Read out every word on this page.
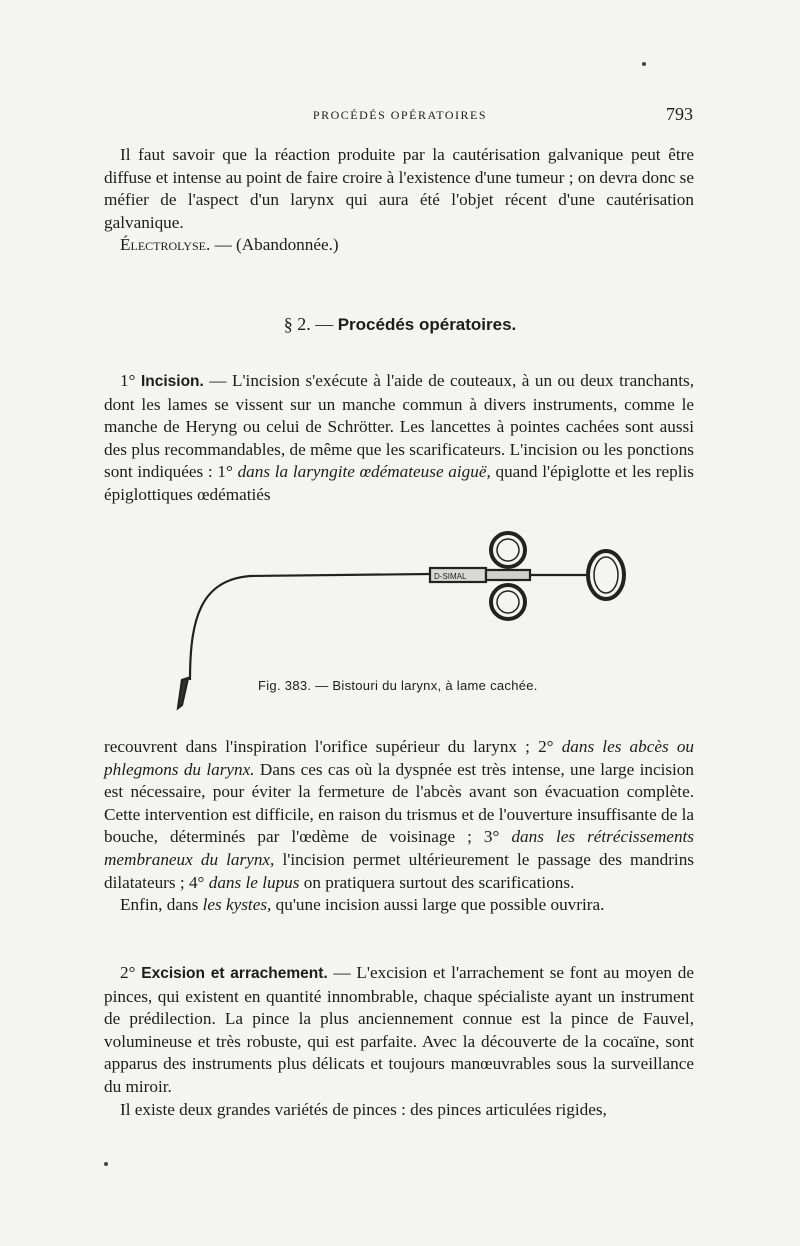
PROCÉDÉS OPÉRATOIRES	793

Il faut savoir que la réaction produite par la cautérisation galvanique peut être diffuse et intense au point de faire croire à l'existence d'une tumeur ; on devra donc se méfier de l'aspect d'un larynx qui aura été l'objet récent d'une cautérisation galvanique.

Électrolyse. — (Abandonnée.)

§ 2. — Procédés opératoires.

1° Incision. — L'incision s'exécute à l'aide de couteaux, à un ou deux tranchants, dont les lames se vissent sur un manche commun à divers instruments, comme le manche de Heryng ou celui de Schrötter. Les lancettes à pointes cachées sont aussi des plus recommandables, de même que les scarificateurs. L'incision ou les ponctions sont indiquées : 1° dans la laryngite œdémateuse aiguë, quand l'épiglotte et les replis épiglottiques œdématiés

D-SIMAL
Fig. 383. — Bistouri du larynx, à lame cachée.

recouvrent dans l'inspiration l'orifice supérieur du larynx ; 2° dans les abcès ou phlegmons du larynx. Dans ces cas où la dyspnée est très intense, une large incision est nécessaire, pour éviter la fermeture de l'abcès avant son évacuation complète. Cette intervention est difficile, en raison du trismus et de l'ouverture insuffisante de la bouche, déterminés par l'œdème de voisinage ; 3° dans les rétrécissements membraneux du larynx, l'incision permet ultérieurement le passage des mandrins dilatateurs ; 4° dans le lupus on pratiquera surtout des scarifications.

Enfin, dans les kystes, qu'une incision aussi large que possible ouvrira.

2° Excision et arrachement. — L'excision et l'arrachement se font au moyen de pinces, qui existent en quantité innombrable, chaque spécialiste ayant un instrument de prédilection. La pince la plus anciennement connue est la pince de Fauvel, volumineuse et très robuste, qui est parfaite. Avec la découverte de la cocaïne, sont apparus des instruments plus délicats et toujours manœuvrables sous la surveillance du miroir.

Il existe deux grandes variétés de pinces : des pinces articulées rigides,
